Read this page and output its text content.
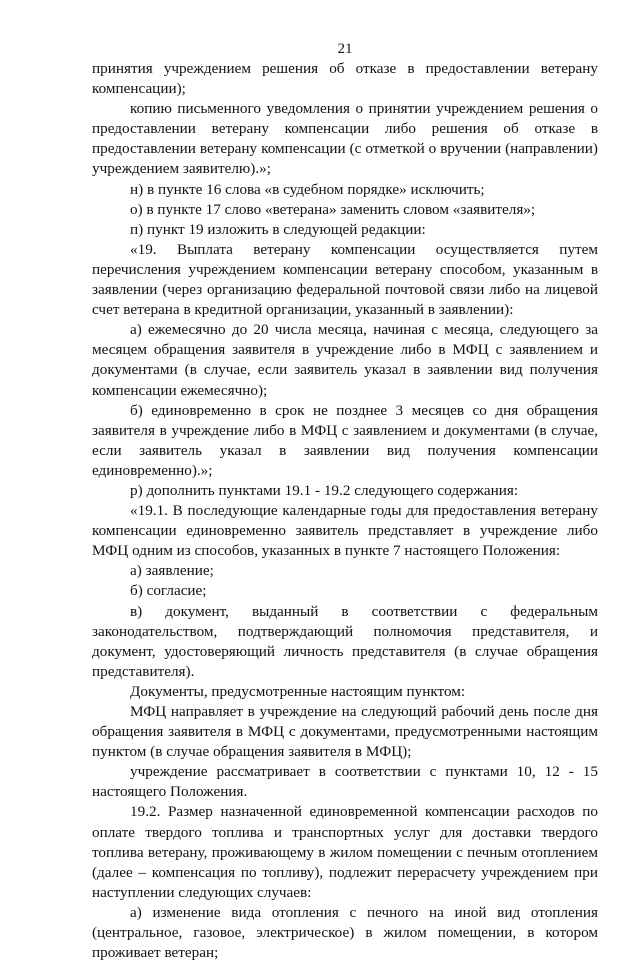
21

принятия учреждением решения об отказе в предоставлении ветерану компенсации);

копию письменного уведомления о принятии учреждением решения о предоставлении ветерану компенсации либо решения об отказе в предоставлении ветерану компенсации (с отметкой о вручении (направлении) учреждением заявителю).»;

н) в пункте 16 слова «в судебном порядке» исключить;

о) в пункте 17 слово «ветерана» заменить словом «заявителя»;

п) пункт 19 изложить в следующей редакции:

«19. Выплата ветерану компенсации осуществляется путем перечисления учреждением компенсации ветерану способом, указанным в заявлении (через организацию федеральной почтовой связи либо на лицевой счет ветерана в кредитной организации, указанный в заявлении):

а) ежемесячно до 20 числа месяца, начиная с месяца, следующего за месяцем обращения заявителя в учреждение либо в МФЦ с заявлением и документами (в случае, если заявитель указал в заявлении вид получения компенсации ежемесячно);

б) единовременно в срок не позднее 3 месяцев со дня обращения заявителя в учреждение либо в МФЦ с заявлением и документами (в случае, если заявитель указал в заявлении вид получения компенсации единовременно).»;

р) дополнить пунктами 19.1 - 19.2 следующего содержания:

«19.1. В последующие календарные годы для предоставления ветерану компенсации единовременно заявитель представляет в учреждение либо МФЦ одним из способов, указанных в пункте 7 настоящего Положения:

а) заявление;

б) согласие;

в) документ, выданный в соответствии с федеральным законодательством, подтверждающий полномочия представителя, и документ, удостоверяющий личность представителя (в случае обращения представителя).

Документы, предусмотренные настоящим пунктом:

МФЦ направляет в учреждение на следующий рабочий день после дня обращения заявителя в МФЦ с документами, предусмотренными настоящим пунктом (в случае обращения заявителя в МФЦ);

учреждение рассматривает в соответствии с пунктами 10, 12 - 15 настоящего Положения.

19.2. Размер назначенной единовременной компенсации расходов по оплате твердого топлива и транспортных услуг для доставки твердого топлива ветерану, проживающему в жилом помещении с печным отоплением (далее – компенсация по топливу), подлежит перерасчету учреждением при наступлении следующих случаев:

а) изменение вида отопления с печного на иной вид отопления (центральное, газовое, электрическое) в жилом помещении, в котором проживает ветеран;
